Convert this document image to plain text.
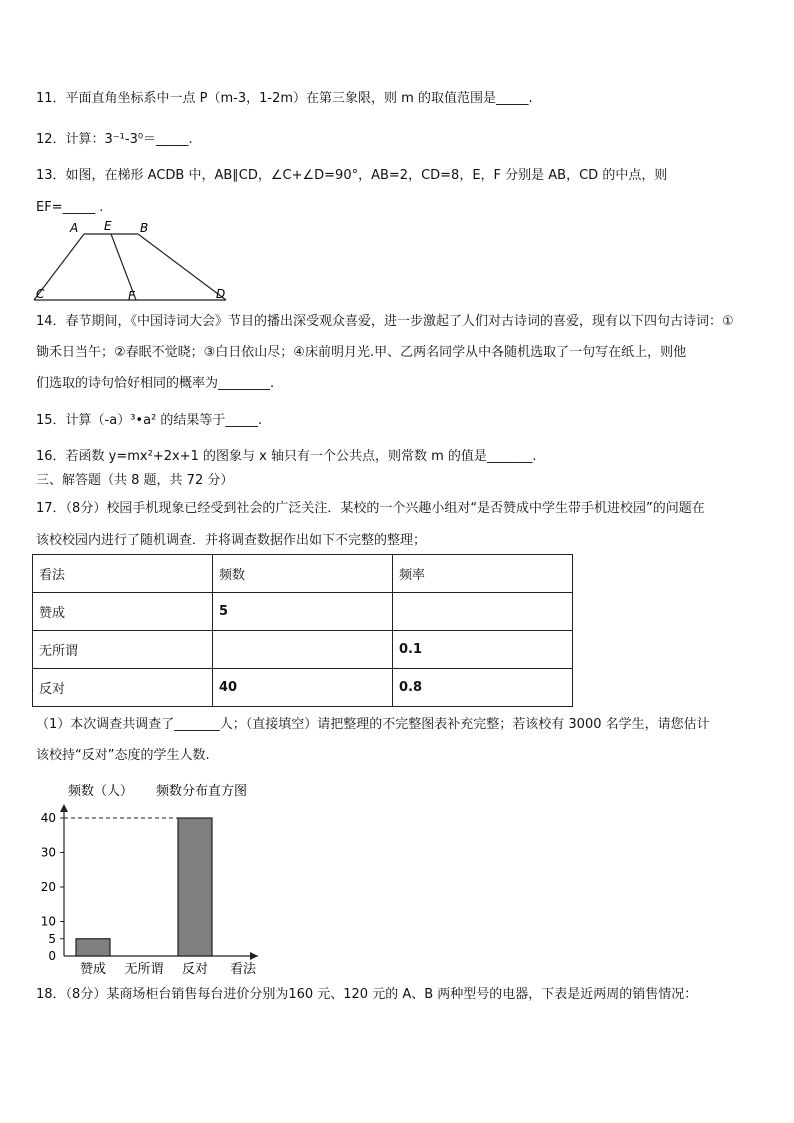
11．平面直角坐标系中一点 P（m-3，1-2m）在第三象限，则 m 的取值范围是_____.
12．计算：3⁻¹-3⁰＝_____.
13．如图，在梯形 ACDB 中，AB∥CD，∠C+∠D=90°，AB=2，CD=8，E，F 分别是 AB，CD 的中点，则
EF=_____ .
A E B
C	F	D
14．春节期间，《中国诗词大会》节目的播出深受观众喜爱，进一步激起了人们对古诗词的喜爱，现有以下四句古诗词：①
锄禾日当午；②春眠不觉晓；③白日依山尽；④床前明月光.甲、乙两名同学从中各随机选取了一句写在纸上，则他
们选取的诗句恰好相同的概率为________.
15．计算（-a）³•a² 的结果等于_____.
16．若函数 y=mx²+2x+1 的图象与 x 轴只有一个公共点，则常数 m 的值是_______.
三、解答题（共 8 题，共 72 分）
17．（8分）校园手机现象已经受到社会的广泛关注．某校的一个兴趣小组对“是否赞成中学生带手机进校园”的问题在
该校校园内进行了随机调查．并将调查数据作出如下不完整的整理；
看法	频数	频率
赞成	5	
无所谓		0.1
反对	40	0.8
（1）本次调查共调查了_______人；（直接填空）请把整理的不完整图表补充完整；若该校有 3000 名学生，请您估计
该校持“反对”态度的学生人数.
频数（人） 频数分布直方图
0
5
10
20
30
40
赞成 无所谓 反对 看法
18．（8分）某商场柜台销售每台进价分别为160 元、120 元的 A、B 两种型号的电器，下表是近两周的销售情况：
